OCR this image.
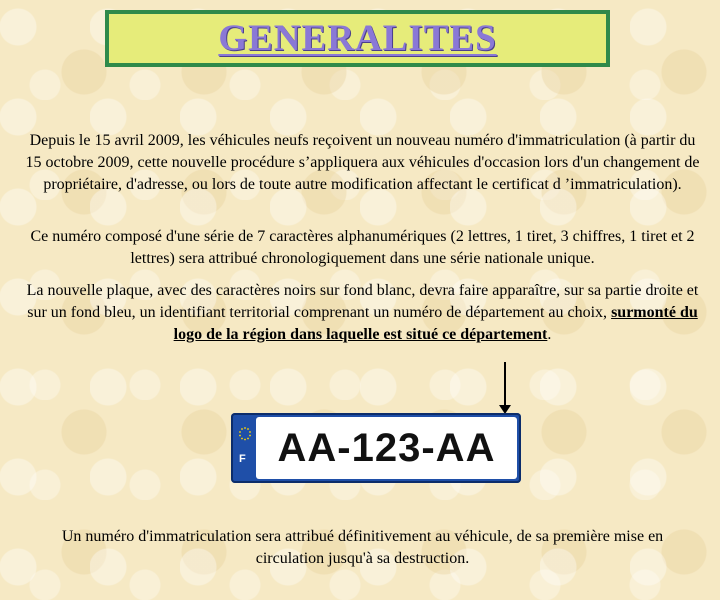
GENERALITES

Depuis le 15 avril 2009, les véhicules neufs reçoivent un nouveau numéro d'immatriculation (à partir du 15 octobre 2009, cette nouvelle procédure s’appliquera aux véhicules d'occasion lors d'un changement de propriétaire, d'adresse, ou lors de toute autre modification affectant le certificat d ’immatriculation).

Ce numéro composé d'une série de 7 caractères alphanumériques (2 lettres, 1 tiret, 3 chiffres, 1 tiret et 2 lettres) sera attribué chronologiquement dans une série nationale unique.

La nouvelle plaque, avec des caractères noirs sur fond blanc, devra faire apparaître, sur sa partie droite et sur un fond bleu, un identifiant territorial comprenant un numéro de département au choix, surmonté du logo de la région dans laquelle est situé ce département.

F AA-123-AA

Un numéro d'immatriculation sera attribué définitivement au véhicule, de sa première mise en circulation jusqu'à sa destruction.
